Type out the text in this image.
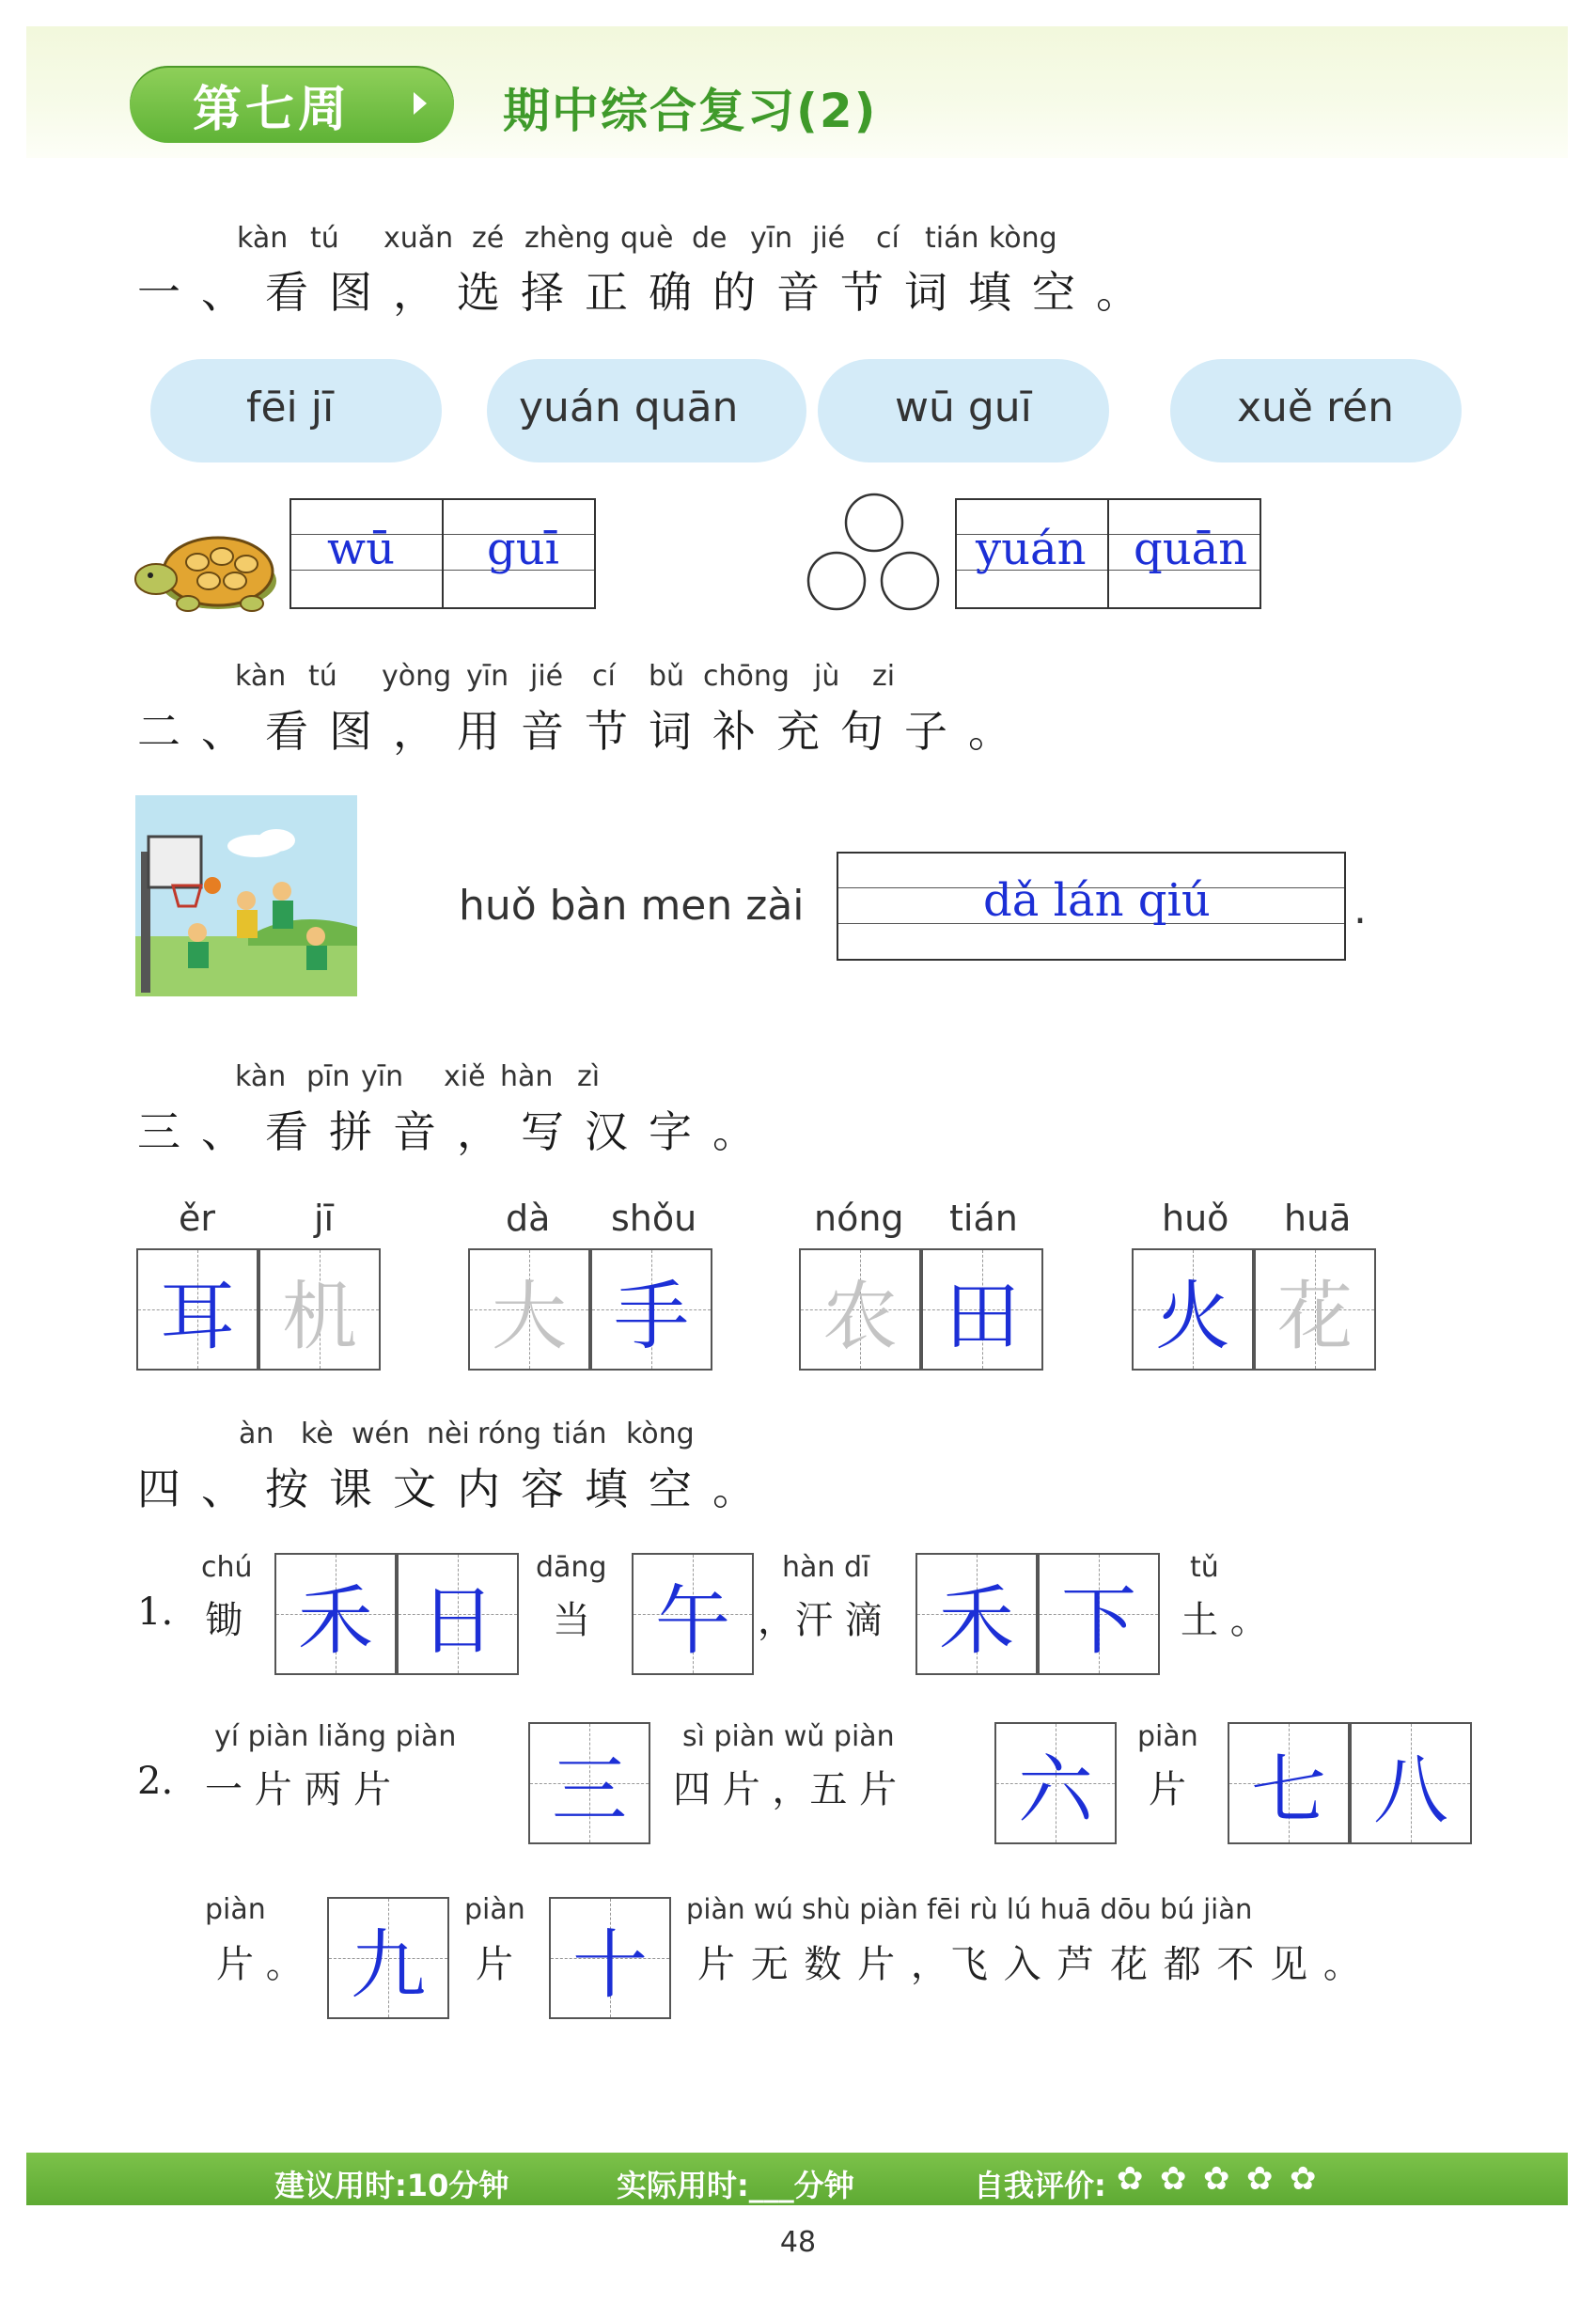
第七周	期中综合复习(2)
kàn tú xuǎn zé zhèng què de yīn jié cí tián kòng
一、看图，选择正确的音节词填空。
fēi jī	yuán quān	wū guī	xuě rén
wū guī	yuán quān
kàn tú yòng yīn jié cí bǔ chōng jù zi
二、看图，用音节词补充句子。
huǒ bàn men zài	dǎ lán qiú	.
kàn pīn yīn xiě hàn zì
三、看拼音，写汉字。
ěr	jī
耳 机
dà shǒu
大 手
nóng tián
农 田
huǒ huā
火 花
àn kè wén nèi róng tián kòng
四、按课文内容填空。
1.
chú
锄 禾 日
dāng
当 午
hàn dī
，汗 滴 禾 下
tǔ
土 。
2.
yí piàn liǎng piàn
一 片 两 片 三
sì piàn wǔ piàn
四 片 ，五 片 六
piàn
片 七 八
piàn
片 。 九
piàn
片 十
piàn wú shù piàn fēi rù lú huā dōu bú jiàn
片 无 数 片 ，飞 入 芦 花 都 不 见 。
建议用时:10分钟	实际用时:___分钟	自我评价: ✿ ✿ ✿ ✿ ✿
48
